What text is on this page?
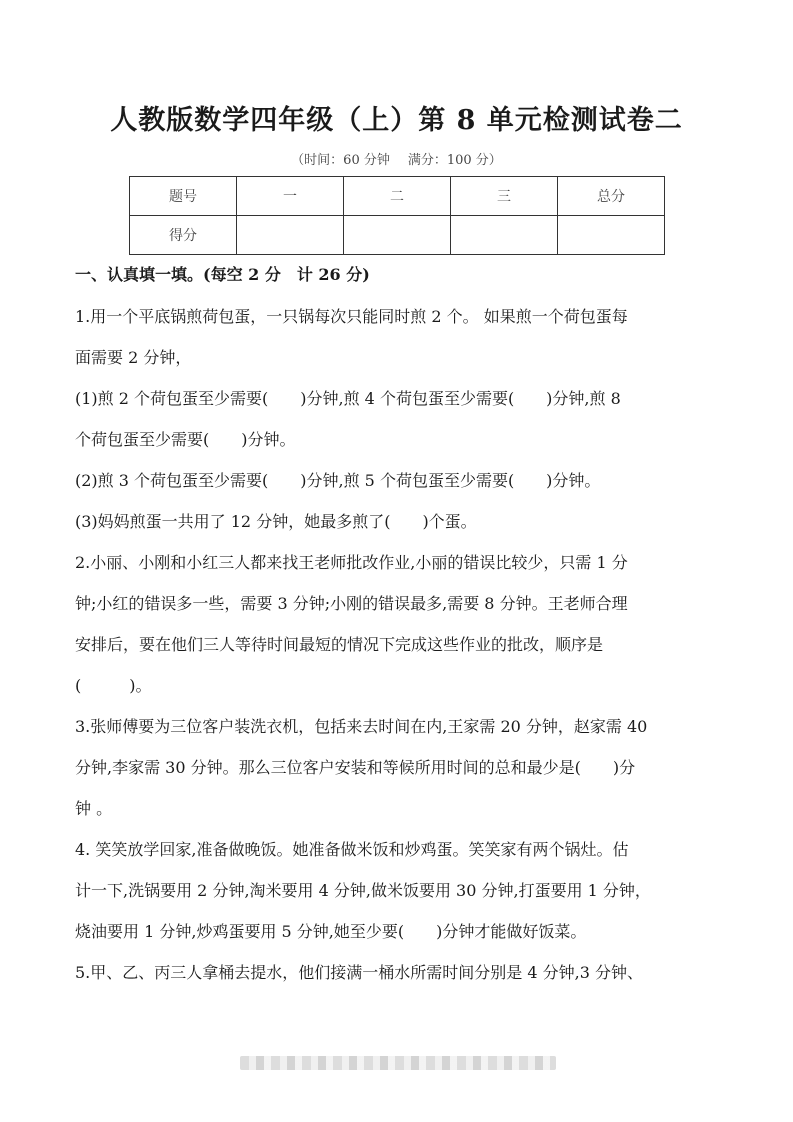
人教版数学四年级（上）第 8 单元检测试卷二
（时间：60 分钟 满分：100 分）
题号	一	二	三	总分
得分				
一、认真填一填。(每空 2 分　计 26 分)

1.用一个平底锅煎荷包蛋，一只锅每次只能同时煎 2 个。 如果煎一个荷包蛋每

面需要 2 分钟，

(1)煎 2 个荷包蛋至少需要(　　)分钟,煎 4 个荷包蛋至少需要(　　)分钟,煎 8

个荷包蛋至少需要(　　)分钟。

(2)煎 3 个荷包蛋至少需要(　　)分钟,煎 5 个荷包蛋至少需要(　　)分钟。

(3)妈妈煎蛋一共用了 12 分钟，她最多煎了(　　)个蛋。

2.小丽、小刚和小红三人都来找王老师批改作业,小丽的错误比较少，只需 1 分

钟;小红的错误多一些，需要 3 分钟;小刚的错误最多,需要 8 分钟。王老师合理

安排后，要在他们三人等待时间最短的情况下完成这些作业的批改，顺序是

(　　　)。

3.张师傅要为三位客户装洗衣机，包括来去时间在内,王家需 20 分钟，赵家需 40

分钟,李家需 30 分钟。那么三位客户安装和等候所用时间的总和最少是(　　)分

钟 。

4. 笑笑放学回家,准备做晚饭。她准备做米饭和炒鸡蛋。笑笑家有两个锅灶。估

计一下,洗锅要用 2 分钟,淘米要用 4 分钟,做米饭要用 30 分钟,打蛋要用 1 分钟，

烧油要用 1 分钟,炒鸡蛋要用 5 分钟,她至少要(　　)分钟才能做好饭菜。

5.甲、乙、丙三人拿桶去提水，他们接满一桶水所需时间分别是 4 分钟,3 分钟、
